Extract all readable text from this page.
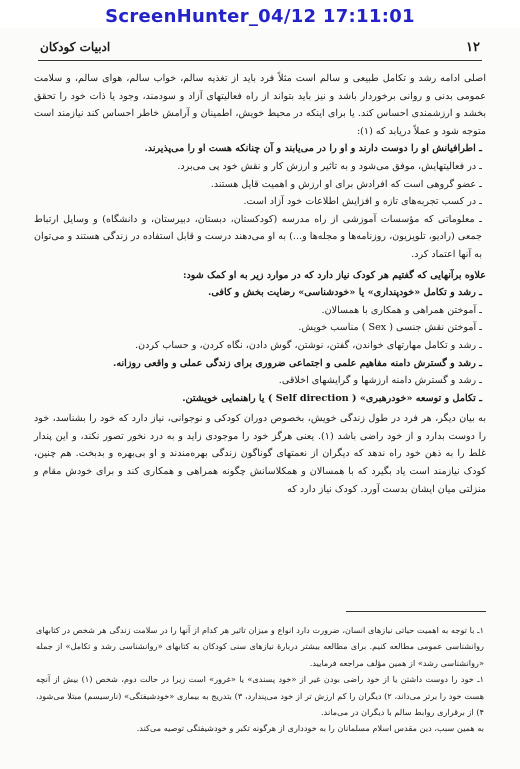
ScreenHunter_04/12 17:11:01
۱۲
ادبیات کودکان

اصلی ادامه رشد و تکامل طبیعی و سالم است مثلاً فرد باید از تغذیه سالم، خواب سالم، هوای سالم، و سلامت عمومی بدنی و روانی برخوردار باشد و نیز باید بتواند از راه فعالیتهای آزاد و سودمند، وجود یا ذات خود را تحقق بخشد و ارزشمندی احساس کند. یا برای اینکه در محیط خویش، اطمینان و آرامش خاطر احساس کند نیازمند است متوجه شود و عملاً دریابد که (۱):

ـ اطرافیانش او را دوست دارند و او را در می‌یابند و آن چنانکه هست او را می‌پذیرند.

ـ در فعالیتهایش، موفق می‌شود و به تاثیر و ارزش کار و نقش خود پی می‌برد.

ـ عضو گروهی است که افرادش برای او ارزش و اهمیت قایل هستند.

ـ در کسب تجربه‌های تازه و افزایش اطلاعات خود آزاد است.

ـ معلوماتی که مؤسسات آموزشی از راه مدرسه (کودکستان، دبستان، دبیرستان، و دانشگاه) و وسایل ارتباط جمعی (رادیو، تلویزیون، روزنامه‌ها و مجله‌ها و...) به او می‌دهند درست و قابل استفاده در زندگی هستند و می‌توان به آنها اعتماد کرد.

علاوه برآنهایی که گفتیم هر کودک نیاز دارد که در موارد زیر به او کمک شود:

ـ رشد و تکامل «خودپنداری» یا «خودشناسی» رضایت بخش و کافی.

ـ آموختن همراهی و همکاری با همسالان.

ـ آموختن نقش جنسی ( Sex ) مناسب خویش.

ـ رشد و تکامل مهارتهای خواندن، گفتن، نوشتن، گوش دادن، نگاه کردن، و حساب کردن.

ـ رشد و گسترش دامنه مفاهیم علمی و اجتماعی ضروری برای زندگی عملی و واقعی روزانه.

ـ رشد و گسترش دامنه ارزشها و گرایشهای اخلاقی.

ـ تکامل و توسعه «خودرهبری» ( Self direction ) یا راهنمایی خویشتن.

به بیان دیگر، هر فرد در طول زندگی خویش، بخصوص دوران کودکی و نوجوانی، نیاز دارد که خود را بشناسد، خود را دوست بدارد و از خود راضی باشد (۱). یعنی هرگز خود را موجودی زاید و به درد نخور تصور نکند، و این پندار غلط را به ذهن خود راه ندهد که دیگران از نعمتهای گوناگون زندگی بهره‌مندند و او بی‌بهره و بدبخت. هم چنین، کودک نیازمند است یاد بگیرد که با همسالان و همکلاسانش چگونه همراهی و همکاری کند و برای خودش مقام و منزلتی میان ایشان بدست آورد. کودک نیاز دارد که

۱ـ با توجه به اهمیت حیاتی نیازهای انسان، ضرورت دارد انواع و میزان تاثیر هر کدام از آنها را در سلامت زندگی هر شخص در کتابهای روانشناسی عمومی مطالعه کنیم. برای مطالعه بیشتر دربارهٔ نیازهای سنی کودکان به کتابهای «روانشناسی رشد و تکامل» از جمله «روانشناسی رشد» از همین مؤلف مراجعه فرمایید.

۱ـ خود را دوست داشتن یا از خود راضی بودن غیر از «خود پسندی» یا «غرور» است زیرا در حالت دوم، شخص (۱) بیش از آنچه هست خود را برتر می‌داند، ۲) دیگران را کم ارزش تر از خود می‌پندارد، ۳) بتدریج به بیماری «خودشیفتگی» (نارسیسم) مبتلا می‌شود، ۴) از برقراری روابط سالم با دیگران در می‌ماند.

به همین سبب، دین مقدس اسلام مسلمانان را به خودداری از هرگونه تکبر و خودشیفتگی توصیه می‌کند.
